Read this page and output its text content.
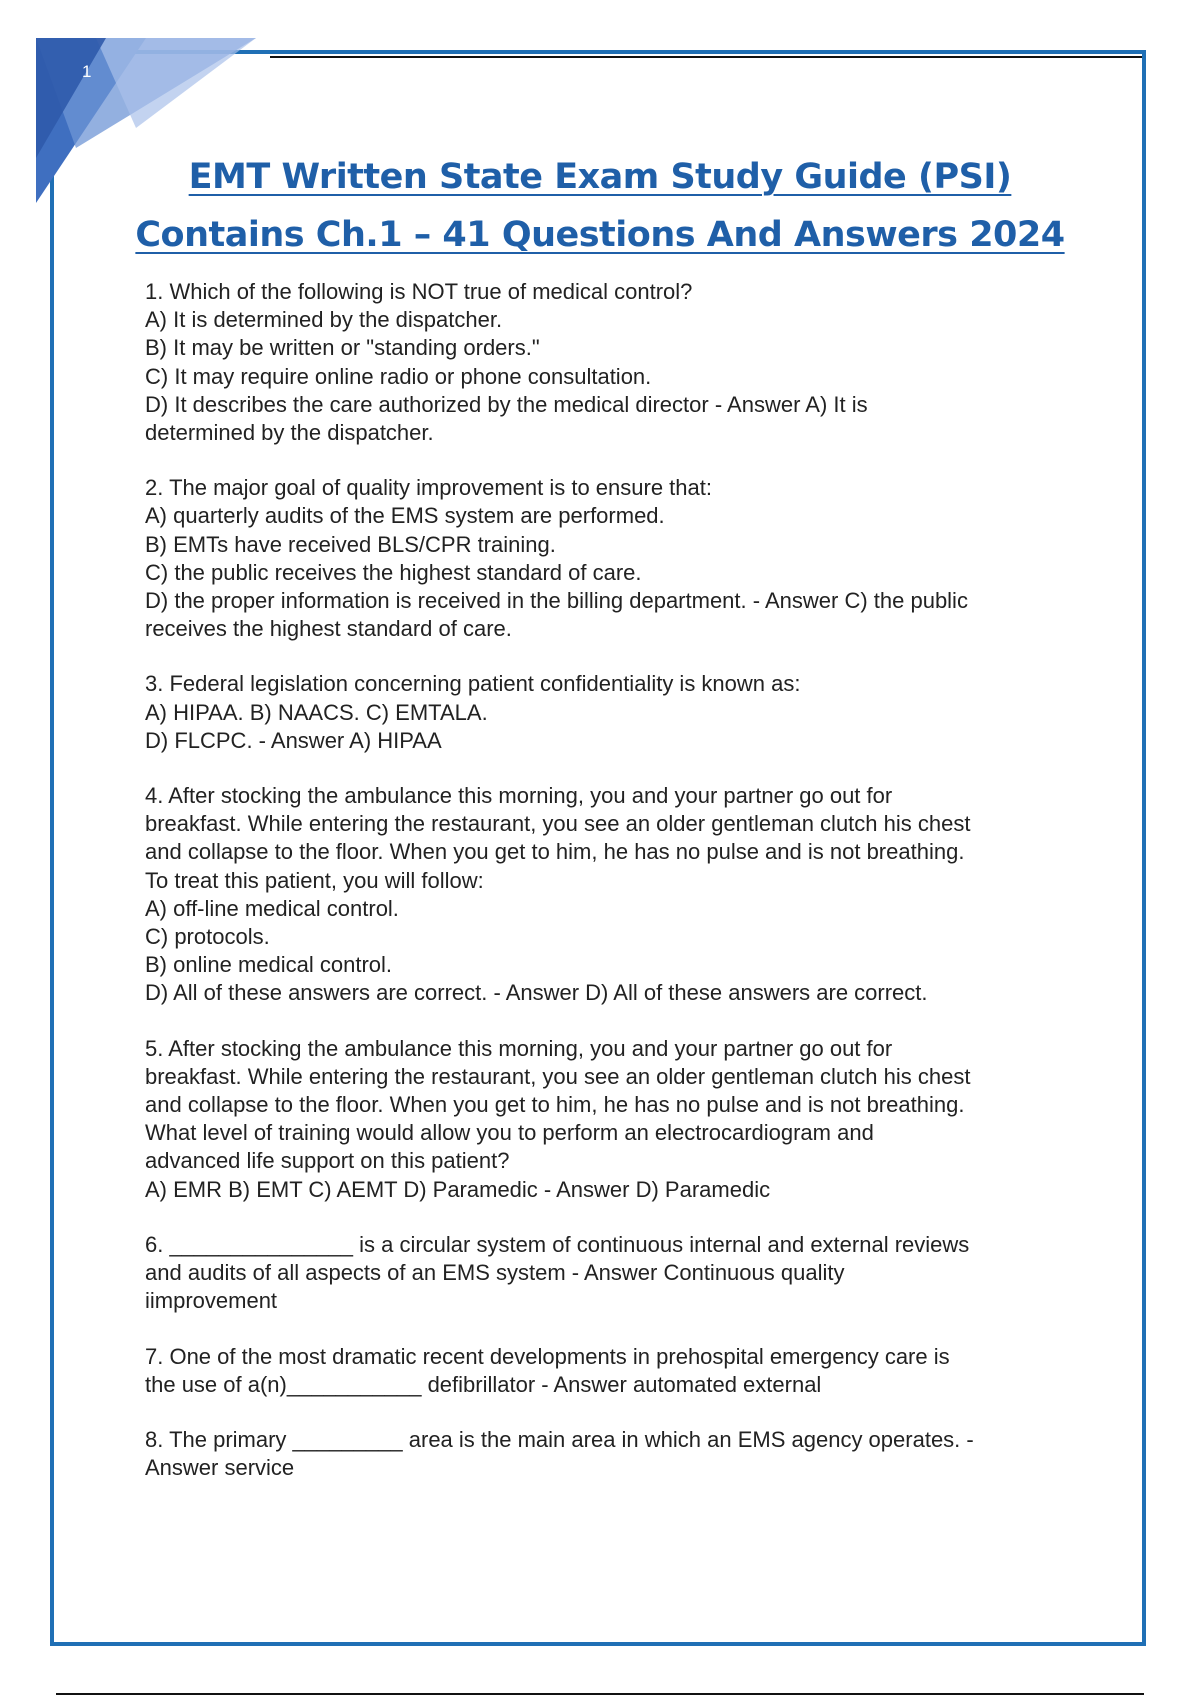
1
EMT Written State Exam Study Guide (PSI)
Contains Ch.1 – 41 Questions And Answers 2024
1. Which of the following is NOT true of medical control?
A) It is determined by the dispatcher.
B) It may be written or "standing orders."
C) It may require online radio or phone consultation.
D) It describes the care authorized by the medical director - Answer A) It is
determined by the dispatcher.
2. The major goal of quality improvement is to ensure that:
A) quarterly audits of the EMS system are performed.
B) EMTs have received BLS/CPR training.
C) the public receives the highest standard of care.
D) the proper information is received in the billing department. - Answer C) the public
receives the highest standard of care.
3. Federal legislation concerning patient confidentiality is known as:
A) HIPAA. B) NAACS. C) EMTALA.
D) FLCPC. - Answer A) HIPAA
4. After stocking the ambulance this morning, you and your partner go out for
breakfast. While entering the restaurant, you see an older gentleman clutch his chest
and collapse to the floor. When you get to him, he has no pulse and is not breathing.
To treat this patient, you will follow:
A) off-line medical control.
C) protocols.
B) online medical control.
D) All of these answers are correct. - Answer D) All of these answers are correct.
5. After stocking the ambulance this morning, you and your partner go out for
breakfast. While entering the restaurant, you see an older gentleman clutch his chest
and collapse to the floor. When you get to him, he has no pulse and is not breathing.
What level of training would allow you to perform an electrocardiogram and
advanced life support on this patient?
A) EMR B) EMT C) AEMT D) Paramedic - Answer D) Paramedic
6. _______________ is a circular system of continuous internal and external reviews
and audits of all aspects of an EMS system - Answer Continuous quality
iimprovement
7. One of the most dramatic recent developments in prehospital emergency care is
the use of a(n)___________ defibrillator - Answer automated external
8. The primary _________ area is the main area in which an EMS agency operates. -
Answer service
